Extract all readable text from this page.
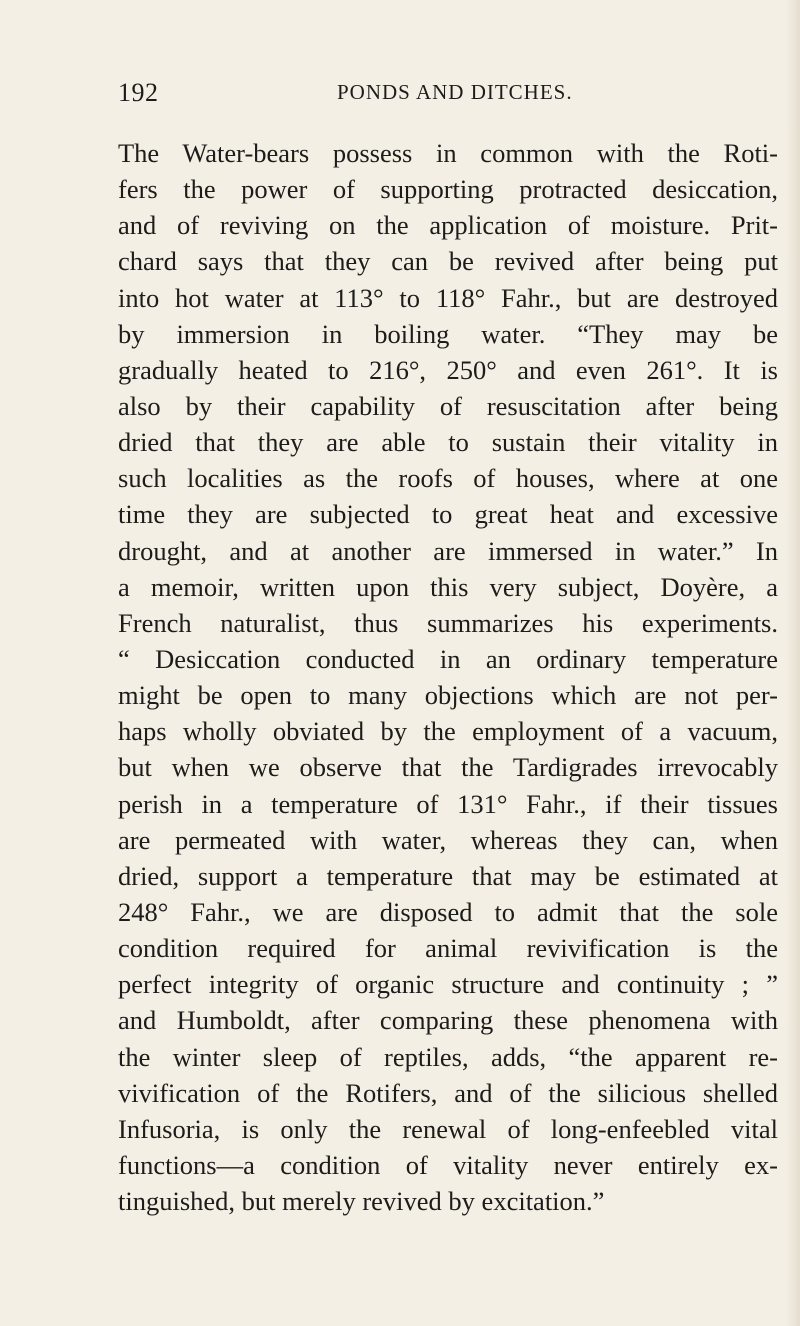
192	PONDS AND DITCHES.
The Water-bears possess in common with the Roti-
fers the power of supporting protracted desiccation,
and of reviving on the application of moisture. Prit-
chard says that they can be revived after being put
into hot water at 113° to 118° Fahr., but are destroyed
by immersion in boiling water. “They may be
gradually heated to 216°, 250° and even 261°. It is
also by their capability of resuscitation after being
dried that they are able to sustain their vitality in
such localities as the roofs of houses, where at one
time they are subjected to great heat and excessive
drought, and at another are immersed in water.” In
a memoir, written upon this very subject, Doyère, a
French naturalist, thus summarizes his experiments.
“ Desiccation conducted in an ordinary temperature
might be open to many objections which are not per-
haps wholly obviated by the employment of a vacuum,
but when we observe that the Tardigrades irrevocably
perish in a temperature of 131° Fahr., if their tissues
are permeated with water, whereas they can, when
dried, support a temperature that may be estimated at
248° Fahr., we are disposed to admit that the sole
condition required for animal revivification is the
perfect integrity of organic structure and continuity ; ”
and Humboldt, after comparing these phenomena with
the winter sleep of reptiles, adds, “the apparent re-
vivification of the Rotifers, and of the silicious shelled
Infusoria, is only the renewal of long-enfeebled vital
functions—a condition of vitality never entirely ex-
tinguished, but merely revived by excitation.”
